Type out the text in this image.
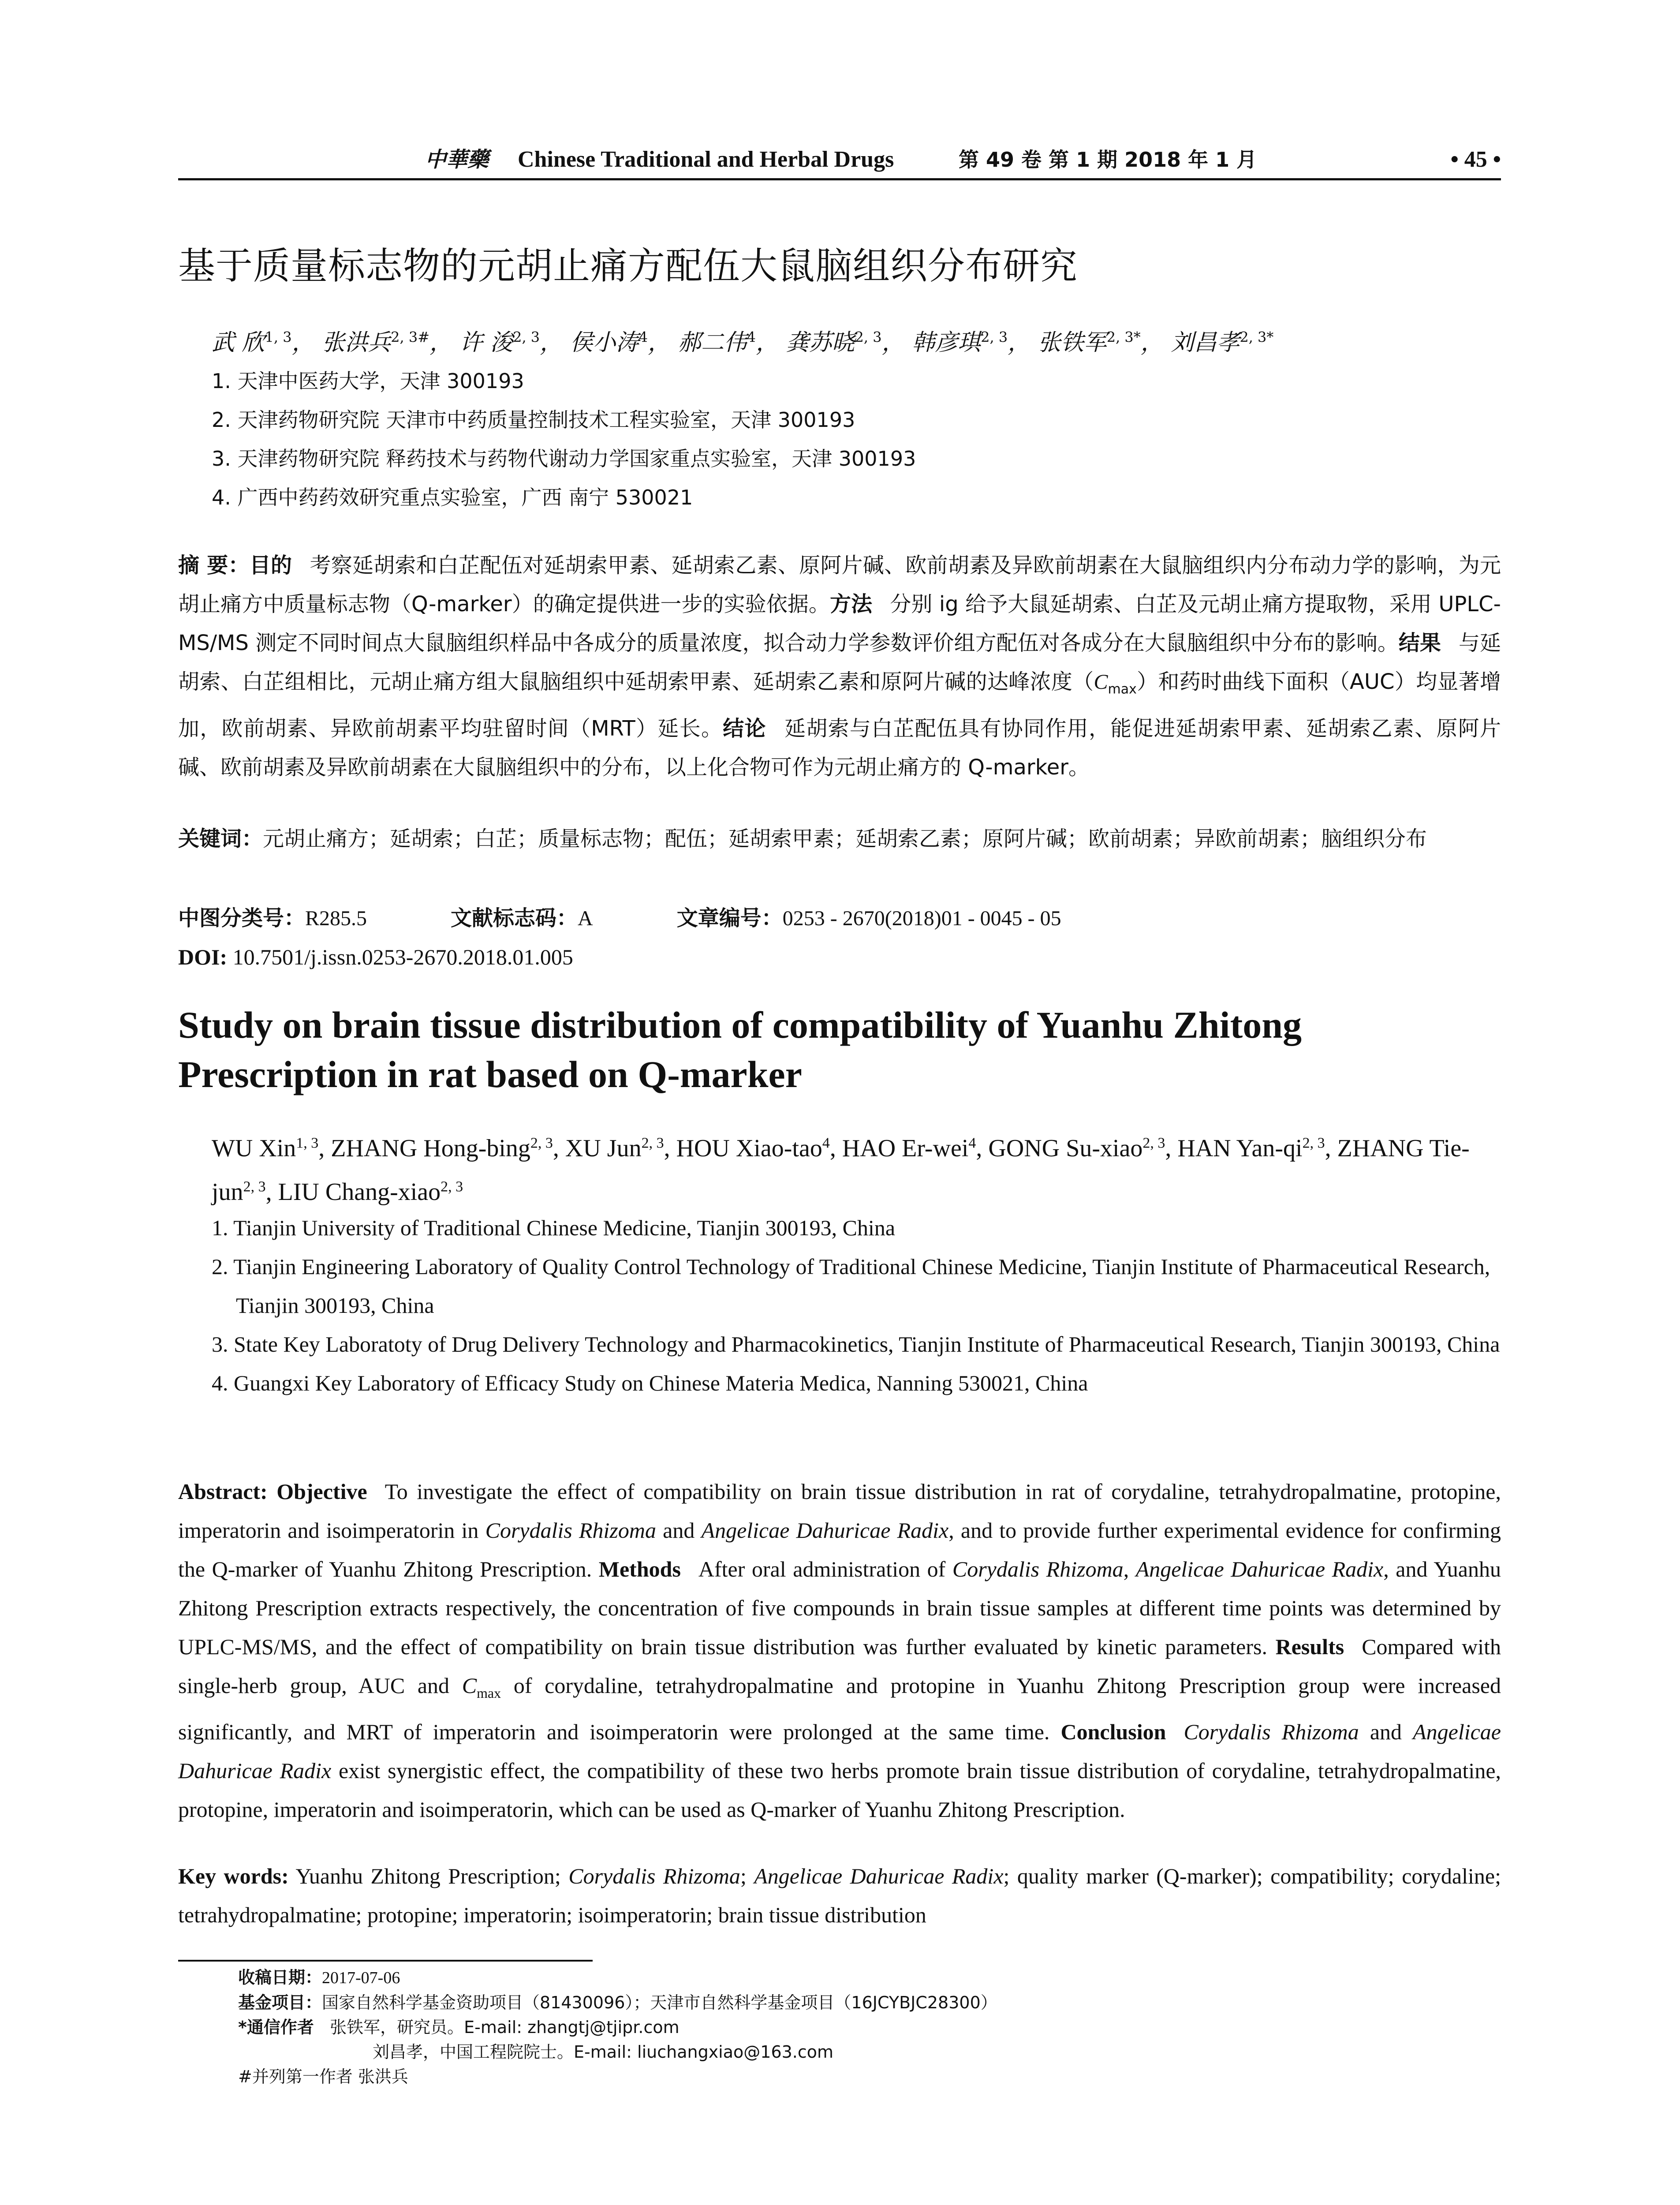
中華藥 Chinese Traditional and Herbal Drugs	第 49 卷 第 1 期 2018 年 1 月	• 45 •
基于质量标志物的元胡止痛方配伍大鼠脑组织分布研究
武 欣$^{1, 3}$， 张洪兵$^{2, 3\#}$， 许 浚$^{2, 3}$， 侯小涛$^4$， 郝二伟$^4$， 龚苏晓$^{2, 3}$， 韩彦琪$^{2, 3}$， 张铁军$^{2, 3*}$， 刘昌孝$^{2, 3*}$
1. 天津中医药大学，天津 300193
2. 天津药物研究院 天津市中药质量控制技术工程实验室，天津 300193
3. 天津药物研究院 释药技术与药物代谢动力学国家重点实验室，天津 300193
4. 广西中药药效研究重点实验室，广西 南宁 530021
摘 要：目的 考察延胡索和白芷配伍对延胡索甲素、延胡索乙素、原阿片碱、欧前胡素及异欧前胡素在大鼠脑组织内分布动力学的影响，为元胡止痛方中质量标志物（Q-marker）的确定提供进一步的实验依据。方法 分别 ig 给予大鼠延胡索、白芷及元胡止痛方提取物，采用 UPLC-MS/MS 测定不同时间点大鼠脑组织样品中各成分的质量浓度，拟合动力学参数评价组方配伍对各成分在大鼠脑组织中分布的影响。结果 与延胡索、白芷组相比，元胡止痛方组大鼠脑组织中延胡索甲素、延胡索乙素和原阿片碱的达峰浓度$(C_{max})$和药时曲线下面积（AUC）均显著增加，欧前胡素、异欧前胡素平均驻留时间（MRT）延长。结论 延胡索与白芷配伍具有协同作用，能促进延胡索甲素、延胡索乙素、原阿片碱、欧前胡素及异欧前胡素在大鼠脑组织中的分布，以上化合物可作为元胡止痛方的 Q-marker。
关键词：元胡止痛方；延胡索；白芷；质量标志物；配伍；延胡索甲素；延胡索乙素；原阿片碱；欧前胡素；异欧前胡素；脑组织分布
中图分类号：R285.5	文献标志码：A	文章编号：0253 - 2670(2018)01 - 0045 - 05
DOI: 10.7501/j.issn.0253-2670.2018.01.005
Study on brain tissue distribution of compatibility of Yuanhu Zhitong Prescription in rat based on Q-marker
WU Xin$^{1, 3}$, ZHANG Hong-bing$^{2, 3}$, XU Jun$^{2, 3}$, HOU Xiao-tao$^4$, HAO Er-wei$^4$, GONG Su-xiao$^{2, 3}$, HAN Yan-qi$^{2, 3}$, ZHANG Tie-jun$^{2, 3}$, LIU Chang-xiao$^{2, 3}$
1. Tianjin University of Traditional Chinese Medicine, Tianjin 300193, China
2. Tianjin Engineering Laboratory of Quality Control Technology of Traditional Chinese Medicine, Tianjin Institute of Pharmaceutical Research, Tianjin 300193, China
3. State Key Laboratoty of Drug Delivery Technology and Pharmacokinetics, Tianjin Institute of Pharmaceutical Research, Tianjin 300193, China
4. Guangxi Key Laboratory of Efficacy Study on Chinese Materia Medica, Nanning 530021, China
Abstract: Objective To investigate the effect of compatibility on brain tissue distribution in rat of corydaline, tetrahydropalmatine, protopine, imperatorin and isoimperatorin in Corydalis Rhizoma and Angelicae Dahuricae Radix, and to provide further experimental evidence for confirming the Q-marker of Yuanhu Zhitong Prescription. Methods After oral administration of Corydalis Rhizoma, Angelicae Dahuricae Radix, and Yuanhu Zhitong Prescription extracts respectively, the concentration of five compounds in brain tissue samples at different time points was determined by UPLC-MS/MS, and the effect of compatibility on brain tissue distribution was further evaluated by kinetic parameters. Results Compared with single-herb group, AUC and $C_{max}$ of corydaline, tetrahydropalmatine and protopine in Yuanhu Zhitong Prescription group were increased significantly, and MRT of imperatorin and isoimperatorin were prolonged at the same time. Conclusion Corydalis Rhizoma and Angelicae Dahuricae Radix exist synergistic effect, the compatibility of these two herbs promote brain tissue distribution of corydaline, tetrahydropalmatine, protopine, imperatorin and isoimperatorin, which can be used as Q-marker of Yuanhu Zhitong Prescription.
Key words: Yuanhu Zhitong Prescription; Corydalis Rhizoma; Angelicae Dahuricae Radix; quality marker (Q-marker); compatibility; corydaline; tetrahydropalmatine; protopine; imperatorin; isoimperatorin; brain tissue distribution
收稿日期：2017-07-06
基金项目：国家自然科学基金资助项目（81430096）；天津市自然科学基金项目（16JCYBJC28300）
*通信作者 张铁军，研究员。E-mail: zhangtj@tjipr.com
刘昌孝，中国工程院院士。E-mail: liuchangxiao@163.com
#并列第一作者 张洪兵
